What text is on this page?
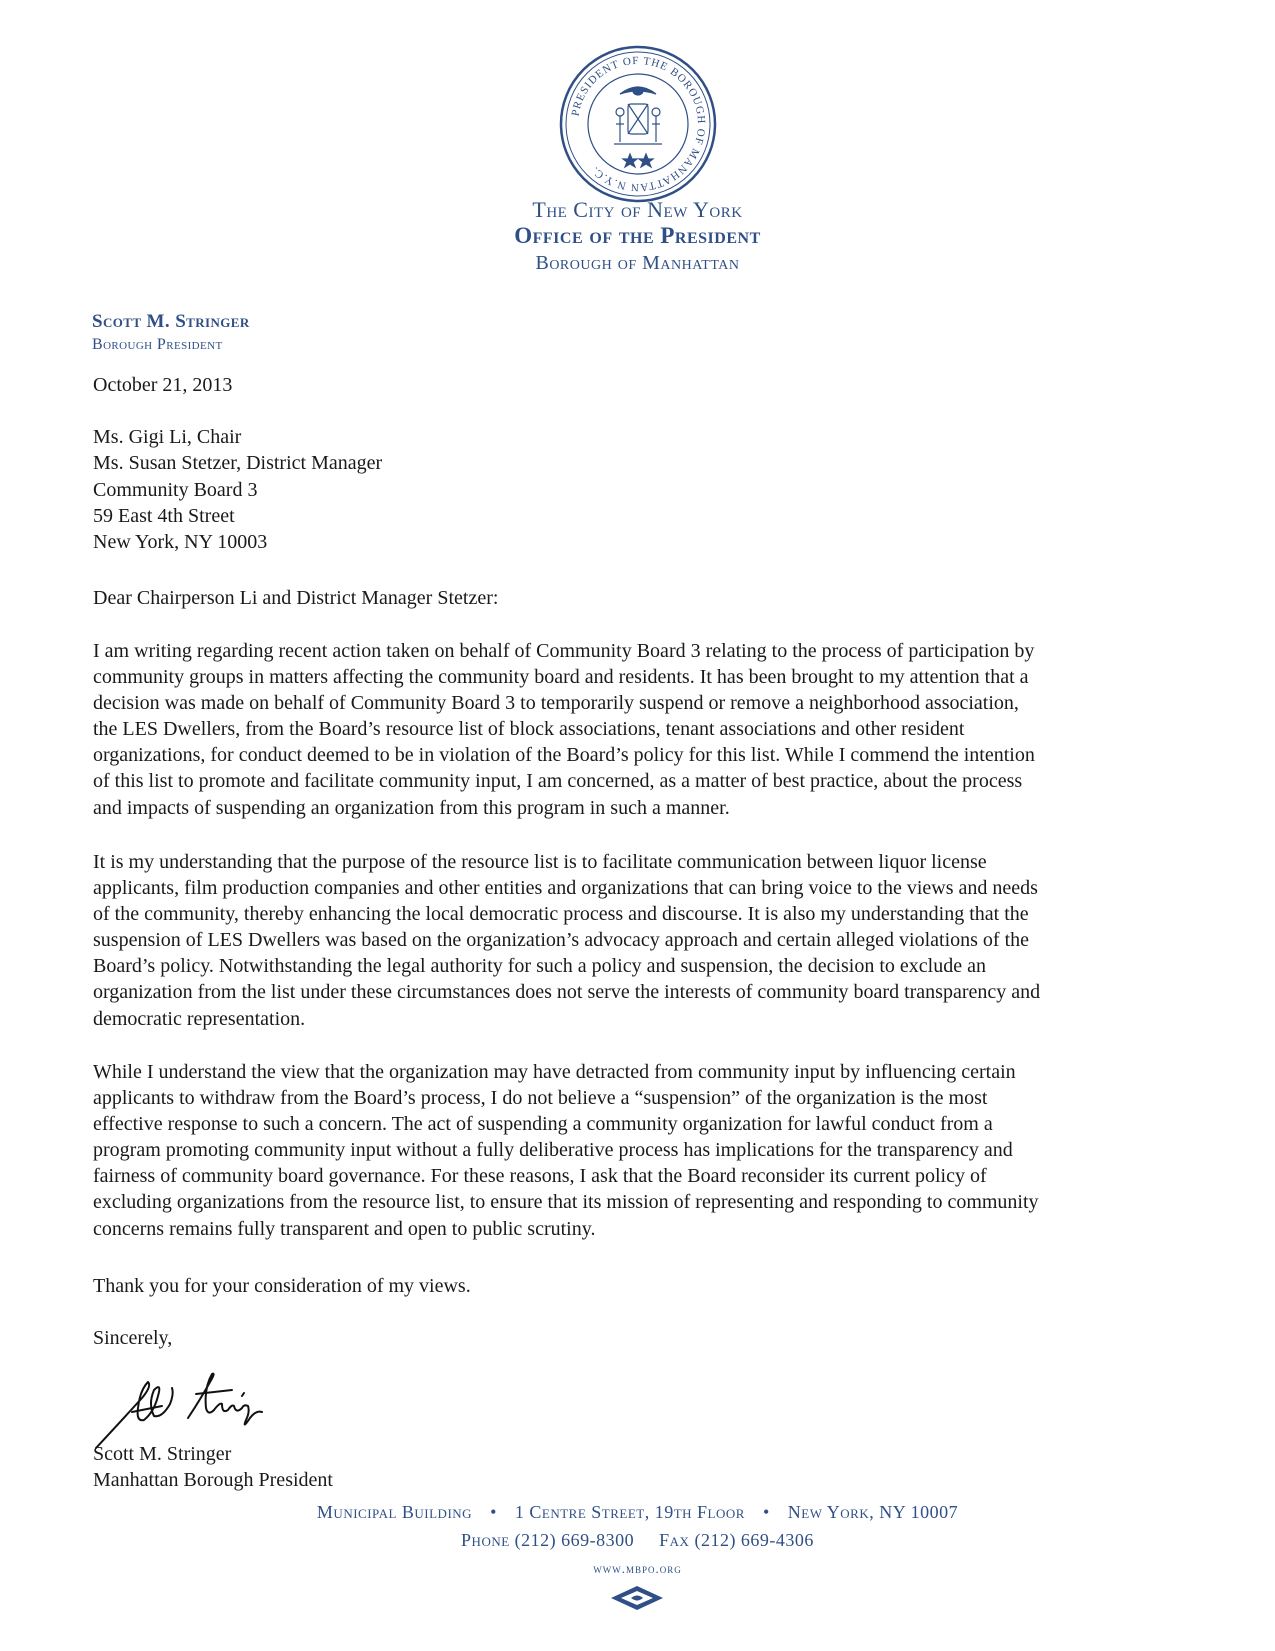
PRESIDENT OF THE BOROUGH OF MANHATTAN N.Y.C.
The City of New York
Office of the President
Borough of Manhattan
Scott M. Stringer
Borough President
October 21, 2013
Ms. Gigi Li, Chair
Ms. Susan Stetzer, District Manager
Community Board 3
59 East 4th Street
New York, NY 10003
Dear Chairperson Li and District Manager Stetzer:
I am writing regarding recent action taken on behalf of Community Board 3 relating to the process of participation by
community groups in matters affecting the community board and residents. It has been brought to my attention that a
decision was made on behalf of Community Board 3 to temporarily suspend or remove a neighborhood association,
the LES Dwellers, from the Board’s resource list of block associations, tenant associations and other resident
organizations, for conduct deemed to be in violation of the Board’s policy for this list. While I commend the intention
of this list to promote and facilitate community input, I am concerned, as a matter of best practice, about the process
and impacts of suspending an organization from this program in such a manner.
It is my understanding that the purpose of the resource list is to facilitate communication between liquor license
applicants, film production companies and other entities and organizations that can bring voice to the views and needs
of the community, thereby enhancing the local democratic process and discourse. It is also my understanding that the
suspension of LES Dwellers was based on the organization’s advocacy approach and certain alleged violations of the
Board’s policy. Notwithstanding the legal authority for such a policy and suspension, the decision to exclude an
organization from the list under these circumstances does not serve the interests of community board transparency and
democratic representation.
While I understand the view that the organization may have detracted from community input by influencing certain
applicants to withdraw from the Board’s process, I do not believe a “suspension” of the organization is the most
effective response to such a concern. The act of suspending a community organization for lawful conduct from a
program promoting community input without a fully deliberative process has implications for the transparency and
fairness of community board governance. For these reasons, I ask that the Board reconsider its current policy of
excluding organizations from the resource list, to ensure that its mission of representing and responding to community
concerns remains fully transparent and open to public scrutiny.
Thank you for your consideration of my views.
Sincerely,
Scott M. Stringer
Manhattan Borough President
Municipal Building • 1 Centre Street, 19th Floor • New York, NY 10007
Phone (212) 669-8300 Fax (212) 669-4306
www.mbpo.org
